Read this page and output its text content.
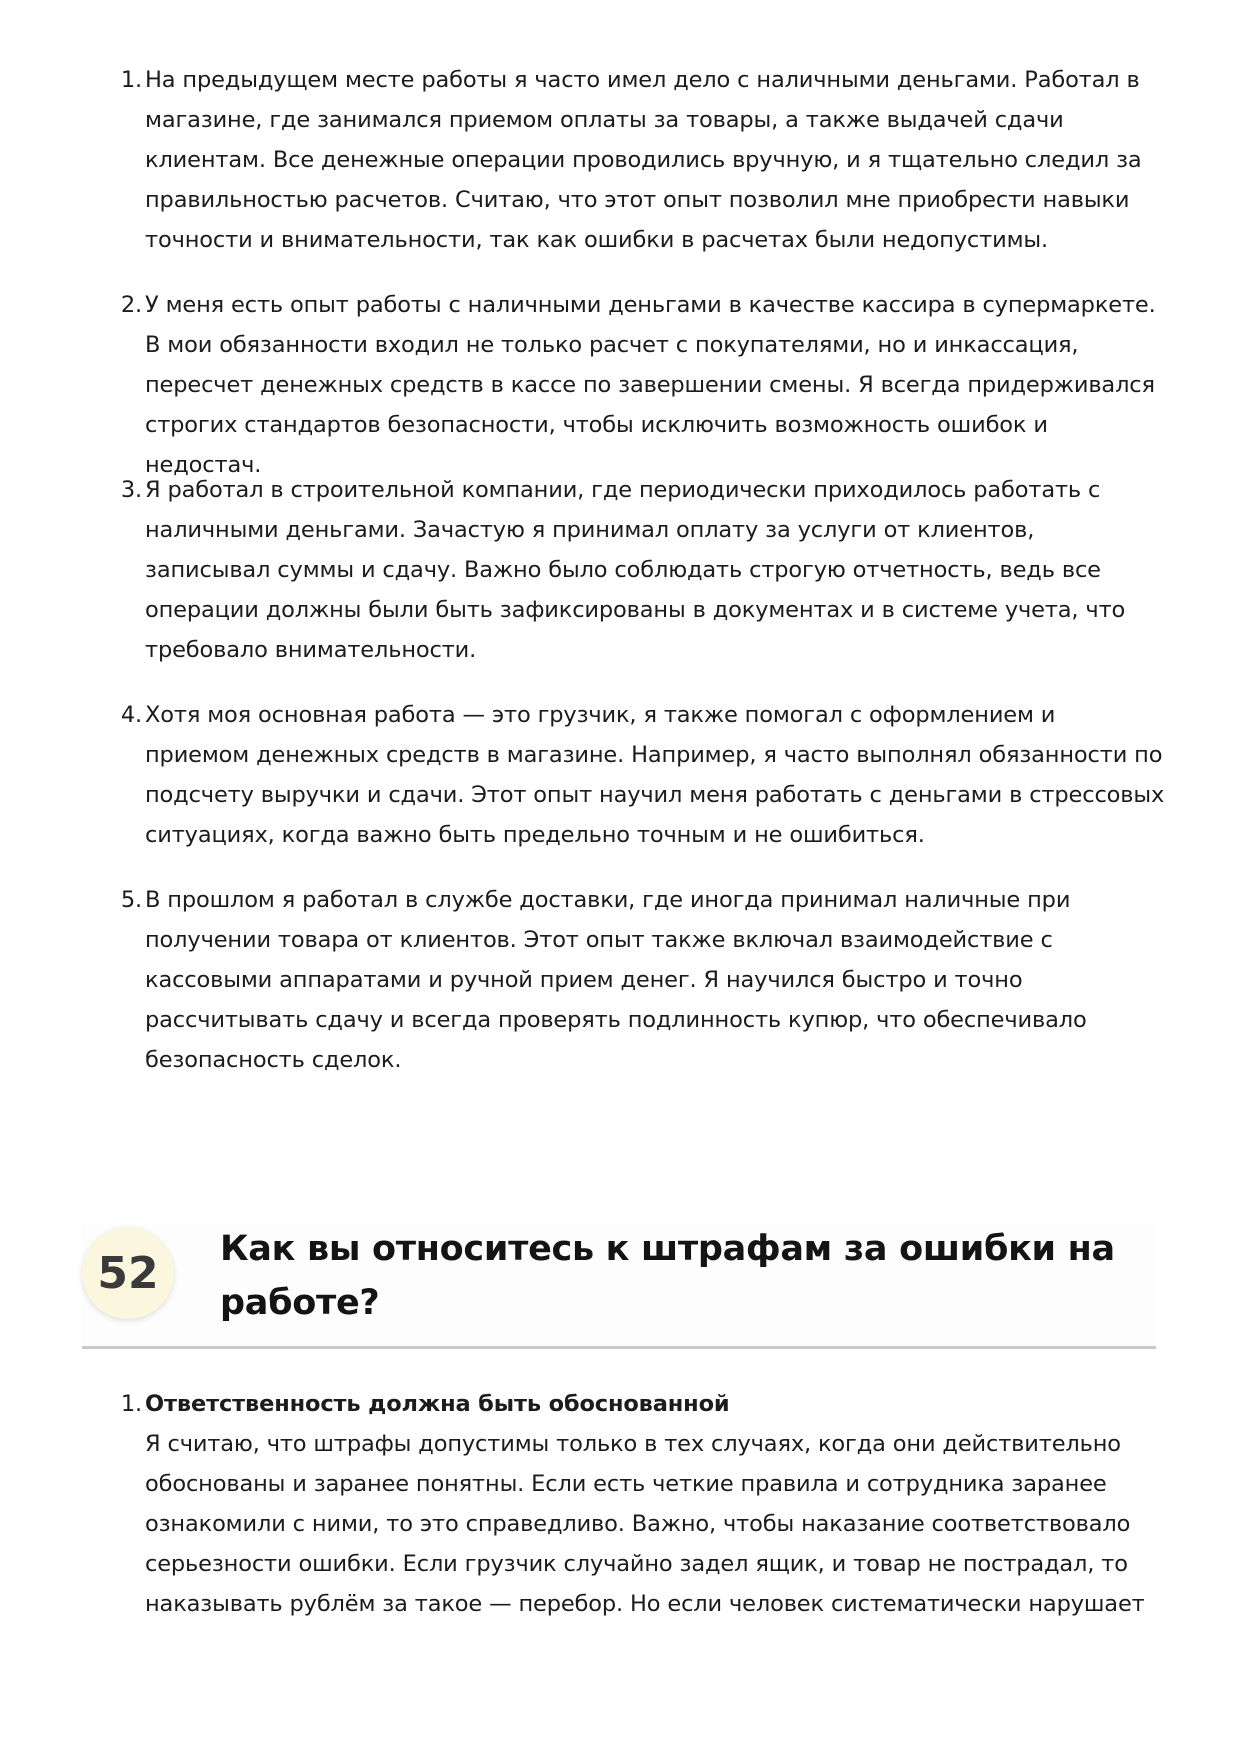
1. На предыдущем месте работы я часто имел дело с наличными деньгами. Работал в магазине, где занимался приемом оплаты за товары, а также выдачей сдачи клиентам. Все денежные операции проводились вручную, и я тщательно следил за правильностью расчетов. Считаю, что этот опыт позволил мне приобрести навыки точности и внимательности, так как ошибки в расчетах были недопустимы.
2. У меня есть опыт работы с наличными деньгами в качестве кассира в супермаркете. В мои обязанности входил не только расчет с покупателями, но и инкассация, пересчет денежных средств в кассе по завершении смены. Я всегда придерживался строгих стандартов безопасности, чтобы исключить возможность ошибок и недостач.
3. Я работал в строительной компании, где периодически приходилось работать с наличными деньгами. Зачастую я принимал оплату за услуги от клиентов, записывал суммы и сдачу. Важно было соблюдать строгую отчетность, ведь все операции должны были быть зафиксированы в документах и в системе учета, что требовало внимательности.
4. Хотя моя основная работа — это грузчик, я также помогал с оформлением и приемом денежных средств в магазине. Например, я часто выполнял обязанности по подсчету выручки и сдачи. Этот опыт научил меня работать с деньгами в стрессовых ситуациях, когда важно быть предельно точным и не ошибиться.
5. В прошлом я работал в службе доставки, где иногда принимал наличные при получении товара от клиентов. Этот опыт также включал взаимодействие с кассовыми аппаратами и ручной прием денег. Я научился быстро и точно рассчитывать сдачу и всегда проверять подлинность купюр, что обеспечивало безопасность сделок.
52	Как вы относитесь к штрафам за ошибки на работе?
1. Ответственность должна быть обоснованной
Я считаю, что штрафы допустимы только в тех случаях, когда они действительно обоснованы и заранее понятны. Если есть четкие правила и сотрудника заранее ознакомили с ними, то это справедливо. Важно, чтобы наказание соответствовало серьезности ошибки. Если грузчик случайно задел ящик, и товар не пострадал, то наказывать рублём за такое — перебор. Но если человек систематически нарушает
